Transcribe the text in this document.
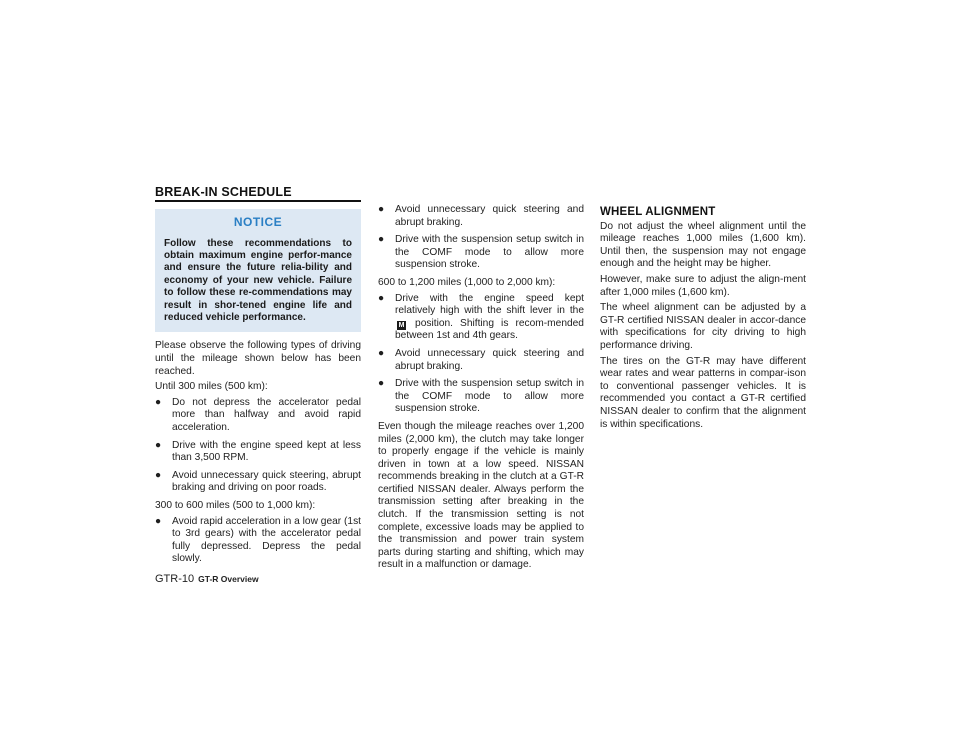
BREAK-IN SCHEDULE
NOTICE
Follow these recommendations to obtain maximum engine perfor-mance and ensure the future relia-bility and economy of your new vehicle. Failure to follow these re-commendations may result in shor-tened engine life and reduced vehicle performance.

Please observe the following types of driving until the mileage shown below has been reached.

Until 300 miles (500 km):

● Do not depress the accelerator pedal more than halfway and avoid rapid acceleration.
● Drive with the engine speed kept at less than 3,500 RPM.
● Avoid unnecessary quick steering, abrupt braking and driving on poor roads.

300 to 600 miles (500 to 1,000 km):

● Avoid rapid acceleration in a low gear (1st to 3rd gears) with the accelerator pedal fully depressed. Depress the pedal slowly.
● Avoid unnecessary quick steering and abrupt braking.
● Drive with the suspension setup switch in the COMF mode to allow more suspension stroke.

600 to 1,200 miles (1,000 to 2,000 km):

● Drive with the engine speed kept relatively high with the shift lever in the M position. Shifting is recom-mended between 1st and 4th gears.
● Avoid unnecessary quick steering and abrupt braking.
● Drive with the suspension setup switch in the COMF mode to allow more suspension stroke.

Even though the mileage reaches over 1,200 miles (2,000 km), the clutch may take longer to properly engage if the vehicle is mainly driven in town at a low speed. NISSAN recommends breaking in the clutch at a GT-R certified NISSAN dealer. Always perform the transmission setting after breaking in the clutch. If the transmission setting is not complete, excessive loads may be applied to the transmission and power train system parts during starting and shifting, which may result in a malfunction or damage.

WHEEL ALIGNMENT

Do not adjust the wheel alignment until the mileage reaches 1,000 miles (1,600 km). Until then, the suspension may not engage enough and the height may be higher.

However, make sure to adjust the align-ment after 1,000 miles (1,600 km).

The wheel alignment can be adjusted by a GT-R certified NISSAN dealer in accor-dance with specifications for city driving to high performance driving.

The tires on the GT-R may have different wear rates and wear patterns in compar-ison to conventional passenger vehicles. It is recommended you contact a GT-R certified NISSAN dealer to confirm that the alignment is within specifications.

GTR-10 GT-R Overview
